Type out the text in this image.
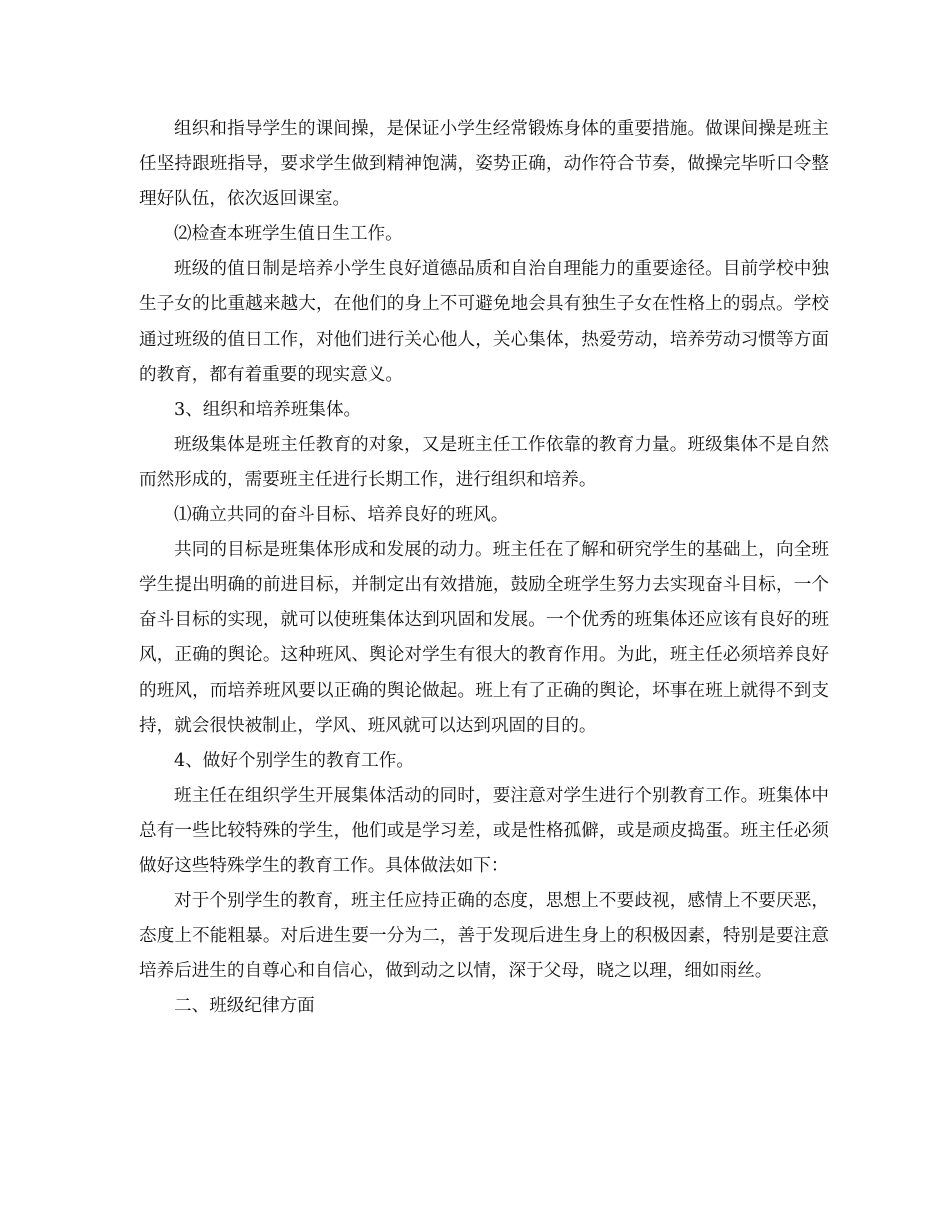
组织和指导学生的课间操，是保证小学生经常锻炼身体的重要措施。做课间操是班主任坚持跟班指导，要求学生做到精神饱满，姿势正确，动作符合节奏，做操完毕听口令整理好队伍，依次返回课室。

⑵检查本班学生值日生工作。

班级的值日制是培养小学生良好道德品质和自治自理能力的重要途径。目前学校中独生子女的比重越来越大，在他们的身上不可避免地会具有独生子女在性格上的弱点。学校通过班级的值日工作，对他们进行关心他人，关心集体，热爱劳动，培养劳动习惯等方面的教育，都有着重要的现实意义。

3、组织和培养班集体。

班级集体是班主任教育的对象，又是班主任工作依靠的教育力量。班级集体不是自然而然形成的，需要班主任进行长期工作，进行组织和培养。

⑴确立共同的奋斗目标、培养良好的班风。

共同的目标是班集体形成和发展的动力。班主任在了解和研究学生的基础上，向全班学生提出明确的前进目标，并制定出有效措施，鼓励全班学生努力去实现奋斗目标，一个奋斗目标的实现，就可以使班集体达到巩固和发展。一个优秀的班集体还应该有良好的班风，正确的舆论。这种班风、舆论对学生有很大的教育作用。为此，班主任必须培养良好的班风，而培养班风要以正确的舆论做起。班上有了正确的舆论，坏事在班上就得不到支持，就会很快被制止，学风、班风就可以达到巩固的目的。

4、做好个别学生的教育工作。

班主任在组织学生开展集体活动的同时，要注意对学生进行个别教育工作。班集体中总有一些比较特殊的学生，他们或是学习差，或是性格孤僻，或是顽皮捣蛋。班主任必须做好这些特殊学生的教育工作。具体做法如下：

对于个别学生的教育，班主任应持正确的态度，思想上不要歧视，感情上不要厌恶，态度上不能粗暴。对后进生要一分为二，善于发现后进生身上的积极因素，特别是要注意培养后进生的自尊心和自信心，做到动之以情，深于父母，晓之以理，细如雨丝。

二、班级纪律方面
